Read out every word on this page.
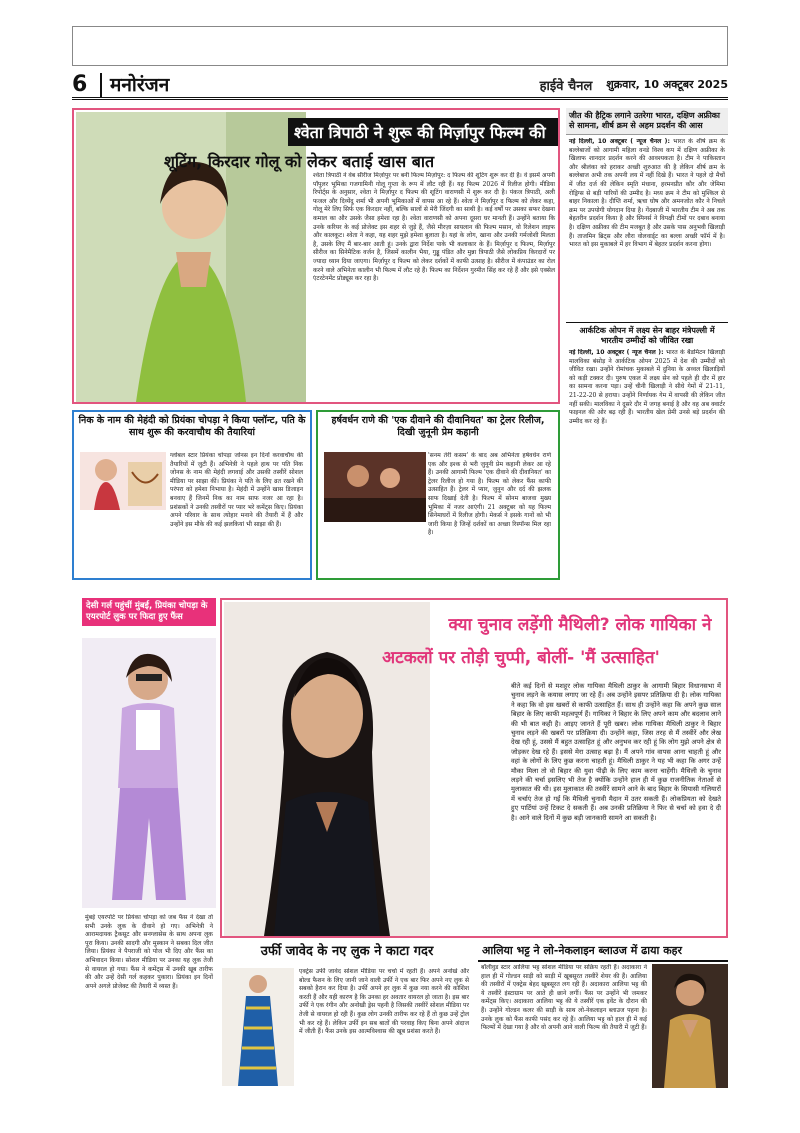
6	मनोरंजन	हाईवे चैनल शुक्रवार, 10 अक्टूबर 2025
श्वेता त्रिपाठी ने शुरू की मिर्ज़ापुर फिल्म की
शूटिंग, किरदार गोलू को लेकर बताई खास बात
श्वेता त्रिपाठी ने वेब सीरीज मिर्ज़ापुर पर बनी फिल्म मिर्ज़ापुर: द फिल्म की शूटिंग शुरू कर दी है। वे इसमें अपनी पॉपुलर भूमिका गजगामिनी गोलू गुप्ता के रूप में लौट रही हैं। यह फिल्म 2026 में रिलीज होगी। मीडिया रिपोर्ट्स के अनुसार, श्वेता ने मिर्ज़ापुर द फिल्म की शूटिंग वाराणसी में शुरू कर दी है। पंकज त्रिपाठी, अली फजल और दिव्येंदु शर्मा भी अपनी भूमिकाओं में वापस आ रहे हैं। श्वेता ने मिर्ज़ापुर द फिल्म को लेकर कहा, गोलू मेरे लिए सिर्फ एक किरदार नहीं, बल्कि सालों से मेरी जिंदगी का साथी है। कई वर्षों पर उसका सफर देखना कमाल का और उसके जैसा हमेशा रहा है। श्वेता वाराणसी को अपना दूसरा घर मानती हैं। उन्होंने बताया कि उनके करियर के कई प्रोजेक्ट इस शहर से जुड़े हैं, जैसे मीरज़ा सायलान की फिल्म मसान, वो रिलेशन लाइफ और कालकूट। श्वेता ने कहा, यह शहर मुझे हमेशा बुलाता है। यहां के लोग, खाना और उनकी गर्मजोशी मिलता है, उसके लिए मैं बार-बार आती हूं। उनके द्वारा निर्देश पाके भी कलाकार के हैं। मिर्ज़ापुर द फिल्म, मिर्ज़ापुर सीरीज का सिनेमैटिक वर्जन है, जिसमें कालीन भैया, गुड्डू पंडित और मुन्ना त्रिपाठी जैसे लोकप्रिय किरदारों पर ज्यादा ध्यान दिया जाएगा। मिर्ज़ापुर द फिल्म को लेकर दर्शकों में काफी उत्साह है। सीरीज में कंपाउंडर का रोल करने वाले अभिनेता कालीन भी फिल्म में लौट रहे हैं। फिल्म का निर्देशन गुरमीत सिंह कर रहे हैं और इसे एक्सेल एंटरटेनमेंट प्रोड्यूस कर रहा है।
जीत की हैट्रिक लगाने उतरेगा भारत, दक्षिण अफ्रीका से सामना, शीर्ष क्रम से अहम प्रदर्शन की आस
नई दिल्ली, 10 अक्टूबर ( न्यूज चैनल ): भारत के शीर्ष क्रम के बल्लेबाजों को आगामी महिला वनडे विश्व कप में दक्षिण अफ्रीका के खिलाफ शानदार प्रदर्शन करने की आवश्यकता है। टीम ने पाकिस्तान और श्रीलंका को हराकर अच्छी शुरुआत की है लेकिन शीर्ष क्रम के बल्लेबाज अभी तक अपनी लय में नहीं दिखे हैं। भारत ने पहले दो मैचों में जीत दर्ज की लेकिन स्मृति मंधाना, हरमनप्रीत कौर और जेमिमा रोड्रिग्स से बड़ी पारियों की उम्मीद है। मध्य क्रम ने टीम को मुश्किल से बाहर निकाला है। दीप्ति शर्मा, ऋचा घोष और अमनजोत कौर ने निचले क्रम पर उपयोगी योगदान दिया है। गेंदबाजी में भारतीय टीम ने अब तक बेहतरीन प्रदर्शन किया है और स्पिनर्स ने विपक्षी टीमों पर दबाव बनाया है। दक्षिण अफ्रीका की टीम मजबूत है और उसके पास अनुभवी खिलाड़ी हैं। ताजमिन ब्रिट्स और लौरा वोलवार्ड्ट का बल्ला अच्छी फॉर्म में है। भारत को इस मुकाबले में हर विभाग में बेहतर प्रदर्शन करना होगा।
आर्कटिक ओपन में लक्ष्य सेन बाहर मंत्रेपल्ली में भारतीय उम्मीदों को जीवित रखा
नई दिल्ली, 10 अक्टूबर ( न्यूज चैनल ): भारत के बैडमिंटन खिलाड़ी मालविका बंसोड़ ने आर्कटिक ओपन 2025 में देश की उम्मीदों को जीवित रखा। उन्होंने रोमांचक मुकाबले में दुनिया के अव्वल खिलाड़ियों को कड़ी टक्कर दी। पुरुष एकल में लक्ष्य सेन को पहले ही दौर में हार का सामना करना पड़ा। उन्हें चीनी खिलाड़ी ने सीधे गेमों में 21-11, 21-22-20 से हराया। उन्होंने निर्णायक गेम में वापसी की लेकिन जीत नहीं सकी। मालविका ने दूसरे दौर में जगह बनाई है और वह अब क्वार्टर फाइनल की ओर बढ़ रही हैं। भारतीय खेल प्रेमी उनसे बड़े प्रदर्शन की उम्मीद कर रहे हैं।
निक के नाम की मेहंदी को प्रियंका चोपड़ा ने किया फ्लॉन्ट, पति के साथ शुरू की करवाचौथ की तैयारियां
ग्लोबल स्टार प्रियंका चोपड़ा जोनस इन दिनों करवाचौथ की तैयारियों में जुटी हैं। अभिनेत्री ने पहले हाथ पर पति निक जोनस के नाम की मेहंदी लगवाई और उसकी तस्वीरें सोशल मीडिया पर साझा कीं। प्रियंका ने पति के लिए व्रत रखने की परंपरा को हमेशा निभाया है। मेहंदी में उन्होंने खास डिजाइन बनवाए हैं जिनमें निक का नाम साफ नजर आ रहा है। प्रशंसकों ने उनकी तस्वीरों पर प्यार भरे कमेंट्स किए। प्रियंका अपने परिवार के साथ त्योहार मनाने की तैयारी में हैं और उन्होंने इस मौके की कई झलकियां भी साझा की हैं।
हर्षवर्धन राणे की 'एक दीवाने की दीवानियत' का ट्रेलर रिलीज, दिखी जुनूनी प्रेम कहानी
'सनम तेरी कसम' के बाद अब अभिनेता हर्षवर्धन राणे एक और इश्क से भरी जुनूनी प्रेम कहानी लेकर आ रहे हैं। उनकी आगामी फिल्म 'एक दीवाने की दीवानियत' का ट्रेलर रिलीज हो गया है। फिल्म को लेकर फैंस काफी उत्साहित हैं। ट्रेलर में प्यार, जुनून और दर्द की झलक साफ दिखाई देती है। फिल्म में सोनम बाजवा मुख्य भूमिका में नजर आएंगी। 21 अक्टूबर को यह फिल्म सिनेमाघरों में रिलीज होगी। मेकर्स ने इसके गानों को भी जारी किया है जिन्हें दर्शकों का अच्छा रिस्पॉन्स मिल रहा है।
देसी गर्ल पहुंचीं मुंबई, प्रियंका चोपड़ा के एयरपोर्ट लुक पर फिदा हुए फैंस
मुंबई एयरपोर्ट पर प्रियंका चोपड़ा को जब फैंस ने देखा तो सभी उनके लुक के दीवाने हो गए। अभिनेत्री ने आरामदायक ट्रैकसूट और सनग्लासेस के साथ अपना लुक पूरा किया। उनकी सादगी और मुस्कान ने सबका दिल जीत लिया। प्रियंका ने पैपराजी को पोज भी दिए और फैंस का अभिवादन किया। सोशल मीडिया पर उनका यह लुक तेजी से वायरल हो गया। फैंस ने कमेंट्स में उनकी खूब तारीफ की और उन्हें देसी गर्ल कहकर पुकारा। प्रियंका इन दिनों अपने अगले प्रोजेक्ट की तैयारी में व्यस्त हैं।
क्या चुनाव लड़ेंगी मैथिली? लोक गायिका ने
अटकलों पर तोड़ी चुप्पी, बोलीं- 'मैं उत्साहित'
बीते कई दिनों से मशहूर लोक गायिका मैथिली ठाकुर के आगामी बिहार विधानसभा में चुनाव लड़ने के कयास लगाए जा रहे हैं। अब उन्होंने इसपर प्रतिक्रिया दी है। लोक गायिका ने कहा कि वो इस खबरों से काफी उत्साहित हैं। साथ ही उन्होंने कहा कि अपने कुछ साल बिहार के लिए काफी महत्वपूर्ण हैं। गायिका ने बिहार के लिए अपने काम और बदलाव लाने की भी बात कही है। आइए जानते हैं पूरी खबर। लोक गायिका मैथिली ठाकुर ने बिहार चुनाव लड़ने की खबरों पर प्रतिक्रिया दी। उन्होंने कहा, जिस तरह से मैं तस्वीरें और लेख देख रही हूं, उससे मैं बहुत उत्साहित हूं और अनुभव कर रही हूं कि लोग मुझे अपने क्षेत्र से जोड़कर देख रहे हैं। इससे मेरा उत्साह बढ़ा है। मैं अपने गांव वापस आना चाहती हूं और वहां के लोगों के लिए कुछ करना चाहती हूं। मैथिली ठाकुर ने यह भी कहा कि अगर उन्हें मौका मिला तो वो बिहार की युवा पीढ़ी के लिए काम करना चाहेंगी। मैथिली के चुनाव लड़ने की चर्चा इसलिए भी तेज है क्योंकि उन्होंने हाल ही में कुछ राजनीतिक नेताओं से मुलाकात की थी। इस मुलाकात की तस्वीरें सामने आने के बाद बिहार के सियासी गलियारों में चर्चाएं तेज हो गईं कि मैथिली चुनावी मैदान में उतर सकती हैं। लोकप्रियता को देखते हुए पार्टियां उन्हें टिकट दे सकती हैं। अब उनकी प्रतिक्रिया ने फिर से चर्चा को हवा दे दी है। आने वाले दिनों में कुछ बड़ी जानकारी सामने आ सकती है।
उर्फी जावेद के नए लुक ने काटा गदर
एक्ट्रेस उर्फी जावेद सोशल मीडिया पर चर्चा में रहती हैं। अपने अनोखे और बोल्ड फैशन के लिए जानी जाने वाली उर्फी ने एक बार फिर अपने नए लुक से सबको हैरान कर दिया है। उर्फी अपने हर लुक में कुछ नया करने की कोशिश करती हैं और यही कारण है कि उनका हर अवतार वायरल हो जाता है। इस बार उर्फी ने एक रंगीन और अनोखी ड्रेस पहनी है जिसकी तस्वीरें सोशल मीडिया पर तेजी से वायरल हो रही हैं। कुछ लोग उनकी तारीफ कर रहे हैं तो कुछ उन्हें ट्रोल भी कर रहे हैं। लेकिन उर्फी इन सब बातों की परवाह किए बिना अपने अंदाज में जीती हैं। फैंस उनके इस आत्मविश्वास की खूब प्रशंसा करते हैं।
आलिया भट्ट ने लो-नेकलाइन ब्लाउज में ढाया कहर
बॉलीवुड स्टार आलिया भट्ट सोशल मीडिया पर सक्रिय रहती हैं। अदाकारा ने हाल ही में गोल्डन साड़ी को साड़ी में खूबसूरत तस्वीरें शेयर की हैं। आलिया की तस्वीरों में एक्ट्रेस बेहद खूबसूरत लग रही हैं। अदाकारा आलिया भट्ट की ये तस्वीरें इंस्टाग्राम पर आते ही छाने लगीं। फैंस पर उन्होंने भी जमकर कमेंट्स किए। अदाकारा आलिया भट्ट की ये तस्वीरें एक इवेंट के दौरान की हैं। उन्होंने गोल्डन कलर की साड़ी के साथ लो-नेकलाइन ब्लाउज पहना है। उनके लुक को फैंस काफी पसंद कर रहे हैं। आलिया भट्ट को हाल ही में कई फिल्मों में देखा गया है और वो अपनी आने वाली फिल्म की तैयारी में जुटी हैं।
